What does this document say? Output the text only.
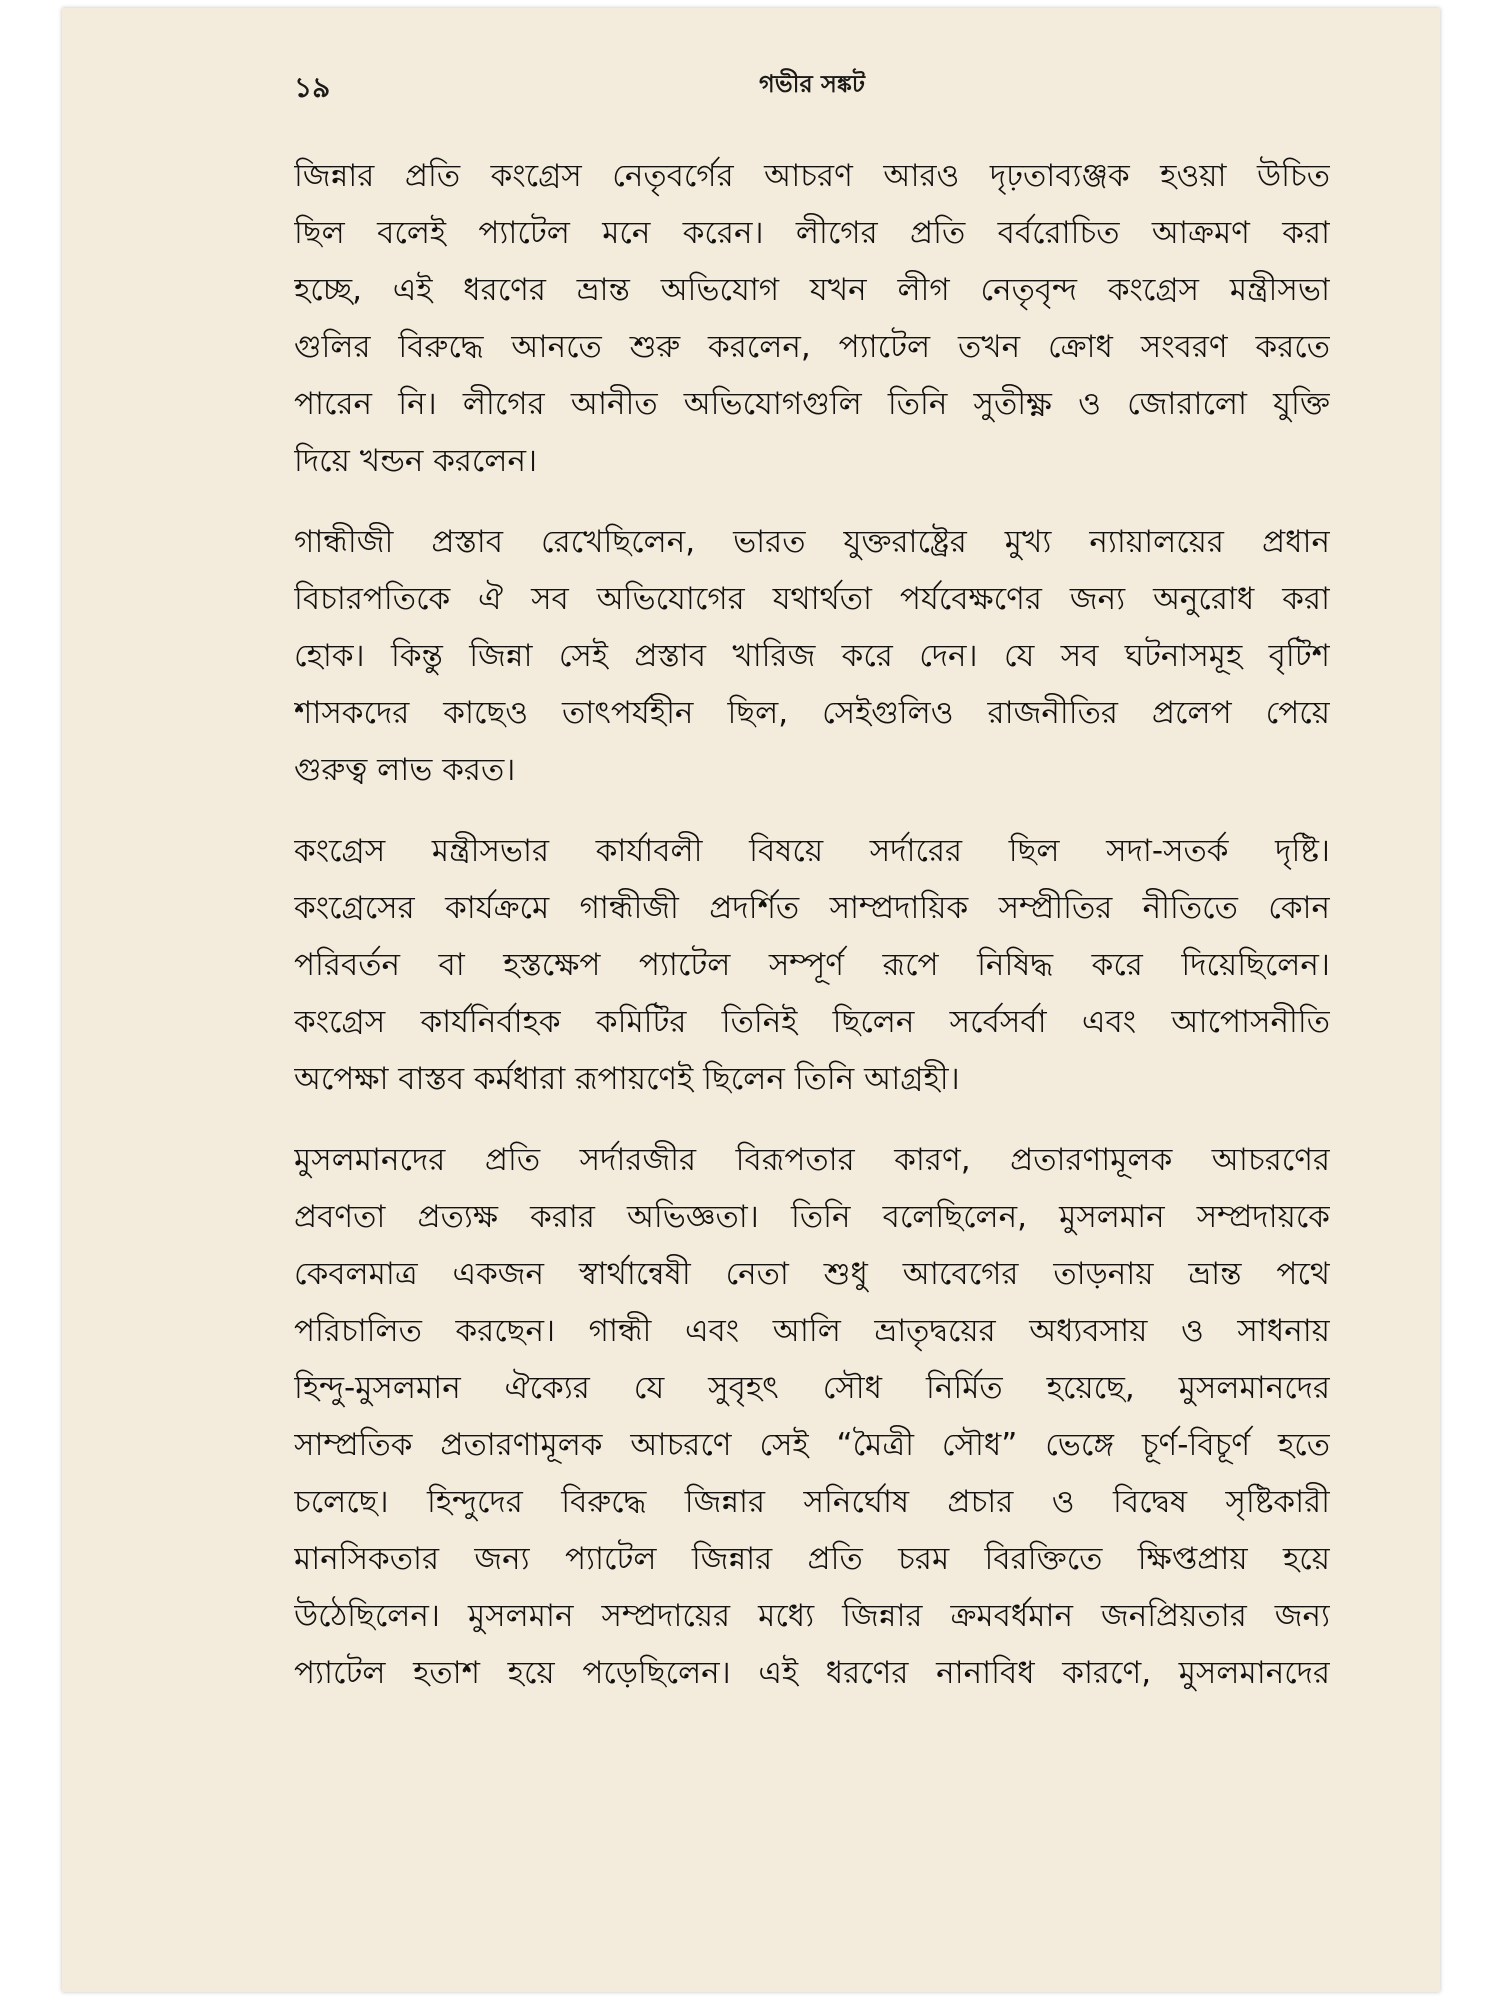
১৯	গভীর সঙ্কট
জিন্নার প্রতি কংগ্রেস নেতৃবর্গের আচরণ আরও দৃঢ়তাব্যঞ্জক হওয়া উচিত
ছিল বলেই প্যাটেল মনে করেন। লীগের প্রতি বর্বরোচিত আক্রমণ করা
হচ্ছে, এই ধরণের ভ্রান্ত অভিযোগ যখন লীগ নেতৃবৃন্দ কংগ্রেস মন্ত্রীসভা
গুলির বিরুদ্ধে আনতে শুরু করলেন, প্যাটেল তখন ক্রোধ সংবরণ করতে
পারেন নি। লীগের আনীত অভিযোগগুলি তিনি সুতীক্ষ্ণ ও জোরালো যুক্তি
দিয়ে খন্ডন করলেন।
গান্ধীজী প্রস্তাব রেখেছিলেন, ভারত যুক্তরাষ্ট্রের মুখ্য ন্যায়ালয়ের প্রধান
বিচারপতিকে ঐ সব অভিযোগের যথার্থতা পর্যবেক্ষণের জন্য অনুরোধ করা
হোক। কিন্তু জিন্না সেই প্রস্তাব খারিজ করে দেন। যে সব ঘটনাসমূহ বৃটিশ
শাসকদের কাছেও তাৎপর্যহীন ছিল, সেইগুলিও রাজনীতির প্রলেপ পেয়ে
গুরুত্ব লাভ করত।
কংগ্রেস মন্ত্রীসভার কার্যাবলী বিষয়ে সর্দারের ছিল সদা-সতর্ক দৃষ্টি।
কংগ্রেসের কার্যক্রমে গান্ধীজী প্রদর্শিত সাম্প্রদায়িক সম্প্রীতির নীতিতে কোন
পরিবর্তন বা হস্তক্ষেপ প্যাটেল সম্পূর্ণ রূপে নিষিদ্ধ করে দিয়েছিলেন।
কংগ্রেস কার্যনির্বাহক কমিটির তিনিই ছিলেন সর্বেসর্বা এবং আপোসনীতি
অপেক্ষা বাস্তব কর্মধারা রূপায়ণেই ছিলেন তিনি আগ্রহী।
মুসলমানদের প্রতি সর্দারজীর বিরূপতার কারণ, প্রতারণামূলক আচরণের
প্রবণতা প্রত্যক্ষ করার অভিজ্ঞতা। তিনি বলেছিলেন, মুসলমান সম্প্রদায়কে
কেবলমাত্র একজন স্বার্থান্বেষী নেতা শুধু আবেগের তাড়নায় ভ্রান্ত পথে
পরিচালিত করছেন। গান্ধী এবং আলি ভ্রাতৃদ্বয়ের অধ্যবসায় ও সাধনায়
হিন্দু-মুসলমান ঐক্যের যে সুবৃহৎ সৌধ নির্মিত হয়েছে, মুসলমানদের
সাম্প্রতিক প্রতারণামূলক আচরণে সেই “মৈত্রী সৌধ” ভেঙ্গে চূর্ণ-বিচূর্ণ হতে
চলেছে। হিন্দুদের বিরুদ্ধে জিন্নার সনির্ঘোষ প্রচার ও বিদ্বেষ সৃষ্টিকারী
মানসিকতার জন্য প্যাটেল জিন্নার প্রতি চরম বিরক্তিতে ক্ষিপ্তপ্রায় হয়ে
উঠেছিলেন। মুসলমান সম্প্রদায়ের মধ্যে জিন্নার ক্রমবর্ধমান জনপ্রিয়তার জন্য
প্যাটেল হতাশ হয়ে পড়েছিলেন। এই ধরণের নানাবিধ কারণে, মুসলমানদের
